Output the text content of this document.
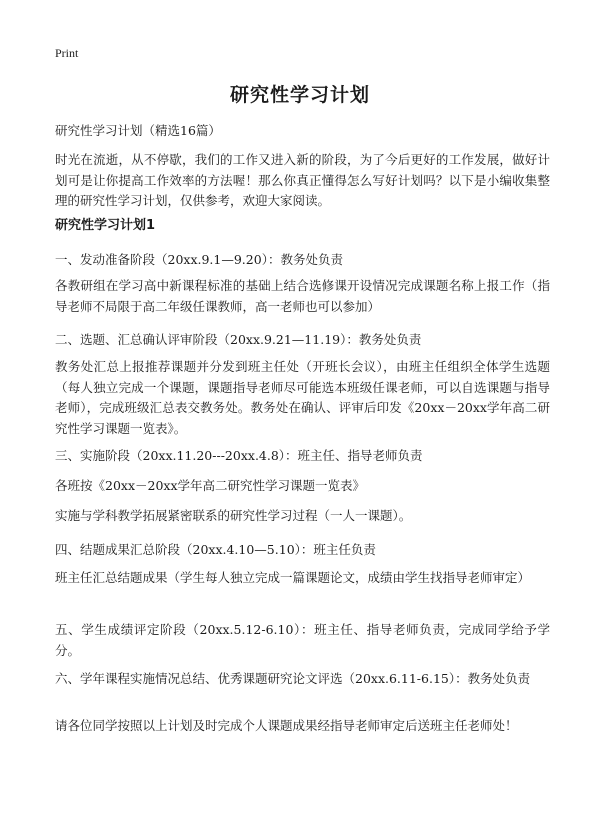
Print
研究性学习计划
研究性学习计划（精选16篇）
时光在流逝，从不停歇，我们的工作又进入新的阶段，为了今后更好的工作发展，做好计划可是让你提高工作效率的方法喔！那么你真正懂得怎么写好计划吗？以下是小编收集整理的研究性学习计划，仅供参考，欢迎大家阅读。
研究性学习计划1
一、发动准备阶段（20xx.9.1—9.20）：教务处负责
各教研组在学习高中新课程标准的基础上结合选修课开设情况完成课题名称上报工作（指导老师不局限于高二年级任课教师，高一老师也可以参加）
二、选题、汇总确认评审阶段（20xx.9.21—11.19）：教务处负责
教务处汇总上报推荐课题并分发到班主任处（开班长会议），由班主任组织全体学生选题（每人独立完成一个课题，课题指导老师尽可能选本班级任课老师，可以自选课题与指导老师），完成班级汇总表交教务处。教务处在确认、评审后印发《20xx－20xx学年高二研究性学习课题一览表》。
三、实施阶段（20xx.11.20---20xx.4.8）：班主任、指导老师负责
各班按《20xx－20xx学年高二研究性学习课题一览表》
实施与学科教学拓展紧密联系的研究性学习过程（一人一课题）。
四、结题成果汇总阶段（20xx.4.10—5.10）：班主任负责
班主任汇总结题成果（学生每人独立完成一篇课题论文，成绩由学生找指导老师审定）
五、学生成绩评定阶段（20xx.5.12-6.10）：班主任、指导老师负责，完成同学给予学分。
六、学年课程实施情况总结、优秀课题研究论文评选（20xx.6.11-6.15）：教务处负责
请各位同学按照以上计划及时完成个人课题成果经指导老师审定后送班主任老师处！
